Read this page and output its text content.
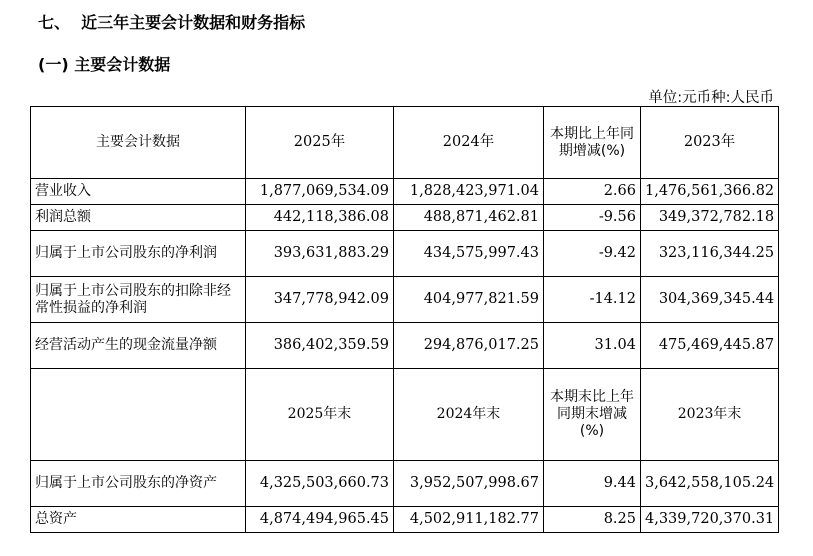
七、  近三年主要会计数据和财务指标
(一) 主要会计数据
单位:元币种:人民币
主要会计数据	2025年	2024年	本期比上年同期增减(%)	2023年
营业收入	1,877,069,534.09	1,828,423,971.04	2.66	1,476,561,366.82
利润总额	442,118,386.08	488,871,462.81	-9.56	349,372,782.18
归属于上市公司股东的净利润	393,631,883.29	434,575,997.43	-9.42	323,116,344.25
归属于上市公司股东的扣除非经常性损益的净利润	347,778,942.09	404,977,821.59	-14.12	304,369,345.44
经营活动产生的现金流量净额	386,402,359.59	294,876,017.25	31.04	475,469,445.87
	2025年末	2024年末	本期末比上年同期末增减(%)	2023年末
归属于上市公司股东的净资产	4,325,503,660.73	3,952,507,998.67	9.44	3,642,558,105.24
总资产	4,874,494,965.45	4,502,911,182.77	8.25	4,339,720,370.31
